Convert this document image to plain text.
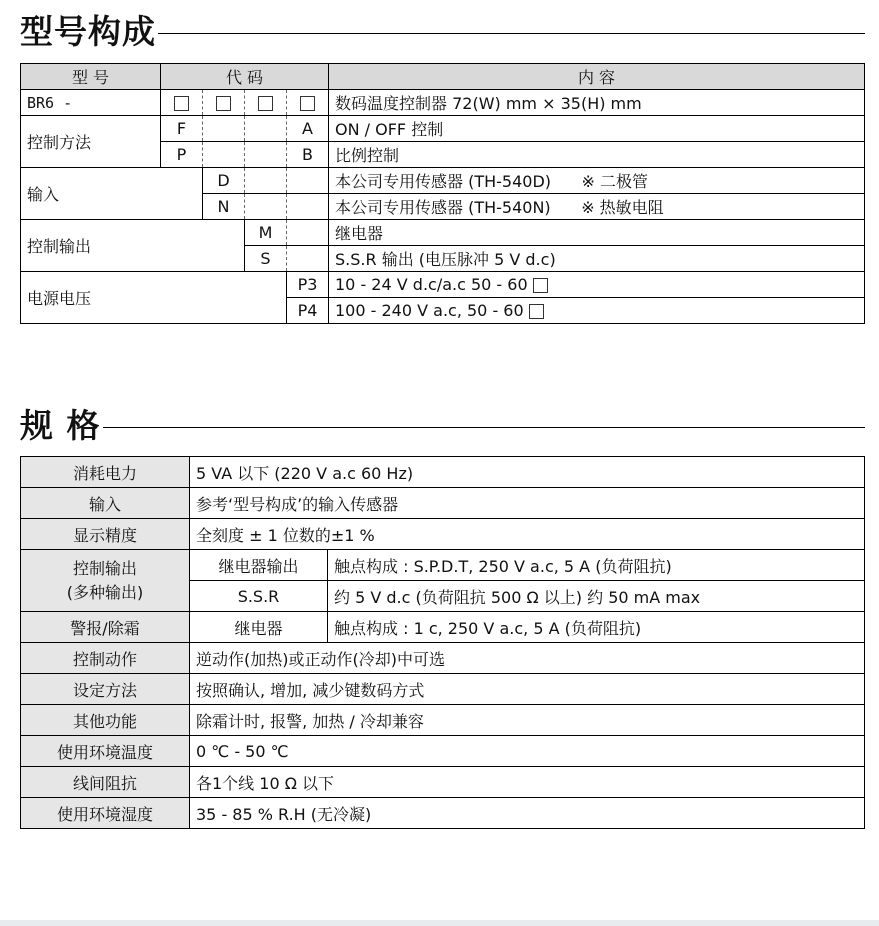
型号构成
型 号	代 码				内 容
BR6 -					数码温度控制器 72(W) mm × 35(H) mm
控制方法	F			A	ON / OFF 控制
	P			B	比例控制
输入		D			本公司专用传感器 (TH-540D) ※ 二极管
		N			本公司专用传感器 (TH-540N) ※ 热敏电阻
控制输出			M		继电器
			S		S.S.R 输出 (电压脉冲 5 V d.c)
电源电压				P3	10 - 24 V d.c/a.c 50 - 60
				P4	100 - 240 V a.c, 50 - 60
规 格
消耗电力	5 VA 以下 (220 V a.c 60 Hz)	
输入	参考‘型号构成’的输入传感器	
显示精度	全刻度 ± 1 位数的±1 %	
控制输出
(多种输出)	继电器输出	触点构成 : S.P.D.T, 250 V a.c, 5 A (负荷阻抗)
	S.S.R	约 5 V d.c (负荷阻抗 500 Ω 以上) 约 50 mA max
警报/除霜	继电器	触点构成 : 1 c, 250 V a.c, 5 A (负荷阻抗)
控制动作	逆动作(加热)或正动作(冷却)中可选	
设定方法	按照确认, 增加, 减少键数码方式	
其他功能	除霜计时, 报警, 加热 / 冷却兼容	
使用环境温度	0 ℃ - 50 ℃	
线间阻抗	各1个线 10 Ω 以下	
使用环境湿度	35 - 85 % R.H (无冷凝)	
